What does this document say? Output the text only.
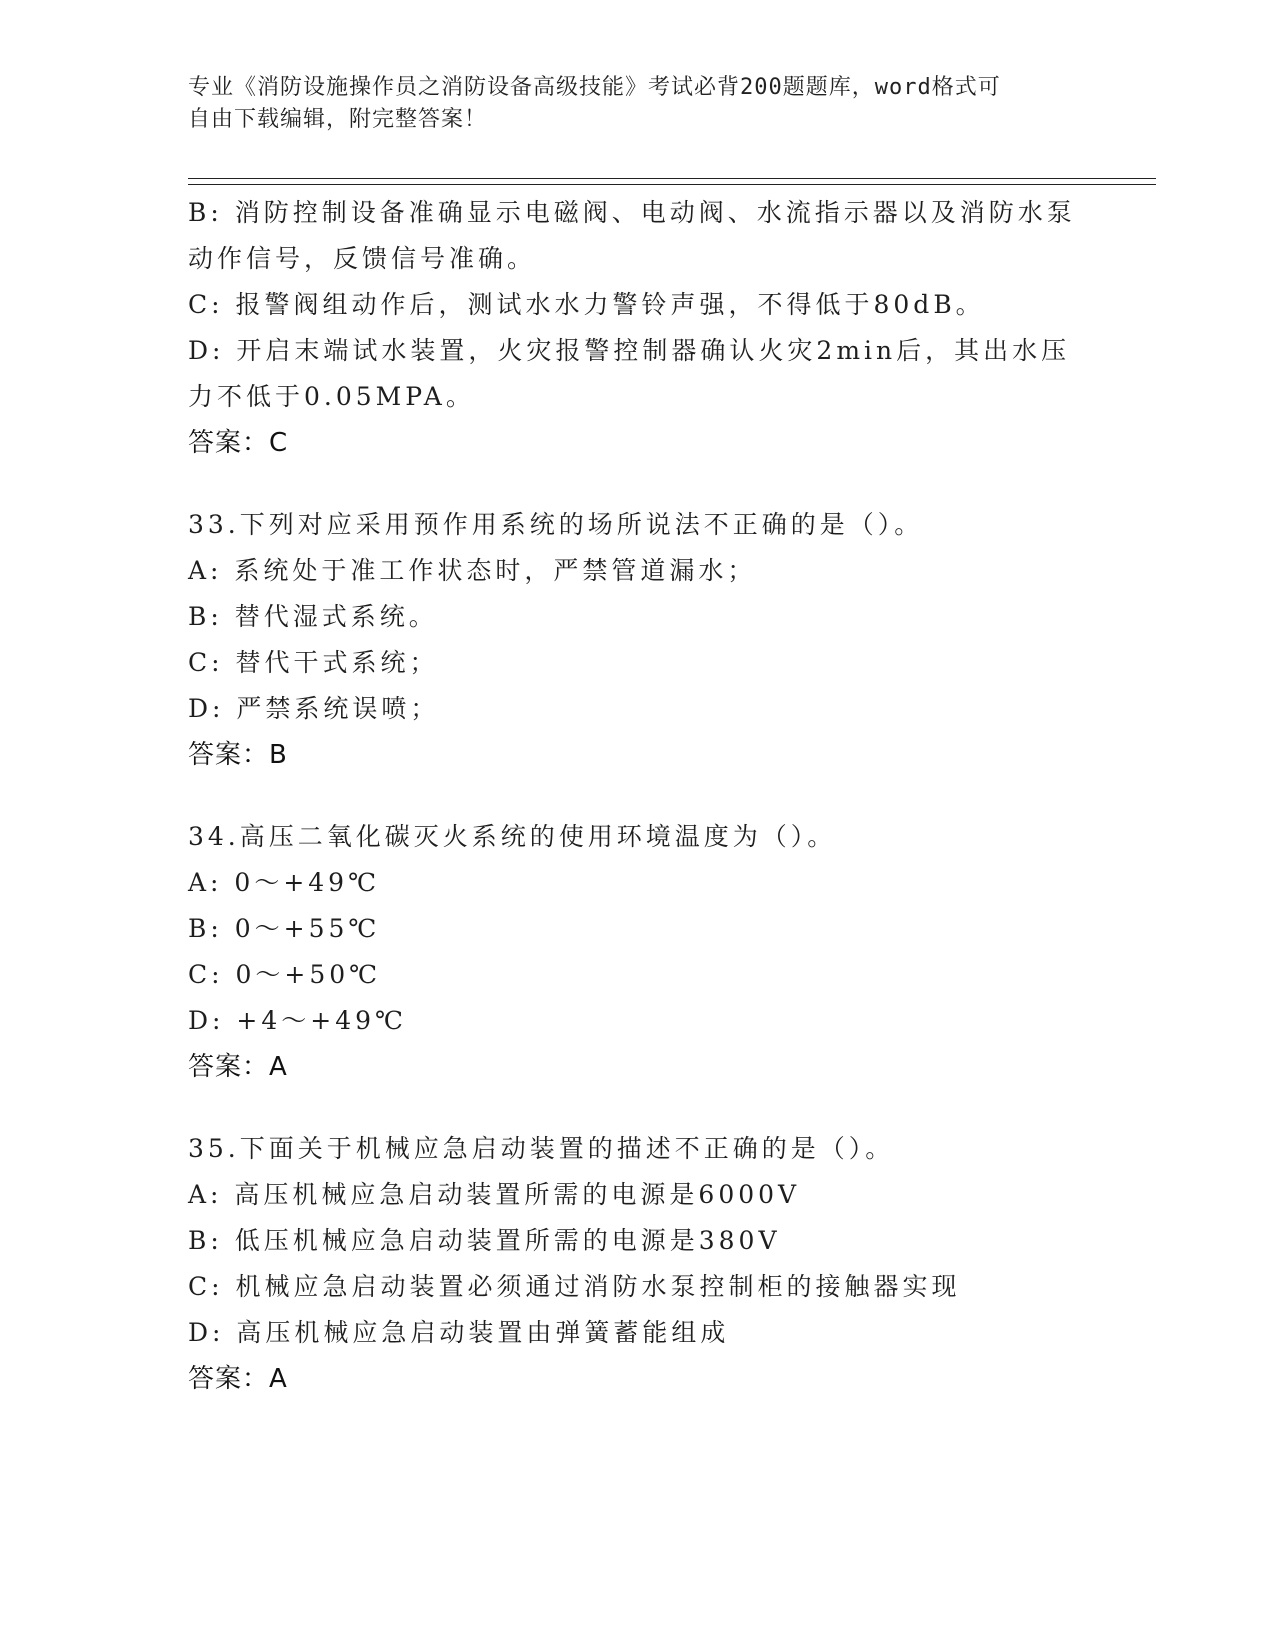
专业《消防设施操作员之消防设备高级技能》考试必背200题题库，word格式可
自由下载编辑，附完整答案！
B: 消防控制设备准确显示电磁阀、电动阀、水流指示器以及消防水泵
动作信号，反馈信号准确。
C: 报警阀组动作后，测试水水力警铃声强，不得低于80dB。
D: 开启末端试水装置，火灾报警控制器确认火灾2min后，其出水压
力不低于0.05MPA。
答案：C
33.下列对应采用预作用系统的场所说法不正确的是（）。
A: 系统处于准工作状态时，严禁管道漏水；
B: 替代湿式系统。
C: 替代干式系统；
D: 严禁系统误喷；
答案：B
34.高压二氧化碳灭火系统的使用环境温度为（）。
A: 0～+49℃
B: 0～+55℃
C: 0～+50℃
D: +4～+49℃
答案：A
35.下面关于机械应急启动装置的描述不正确的是（）。
A: 高压机械应急启动装置所需的电源是6000V
B: 低压机械应急启动装置所需的电源是380V
C: 机械应急启动装置必须通过消防水泵控制柜的接触器实现
D: 高压机械应急启动装置由弹簧蓄能组成
答案：A
